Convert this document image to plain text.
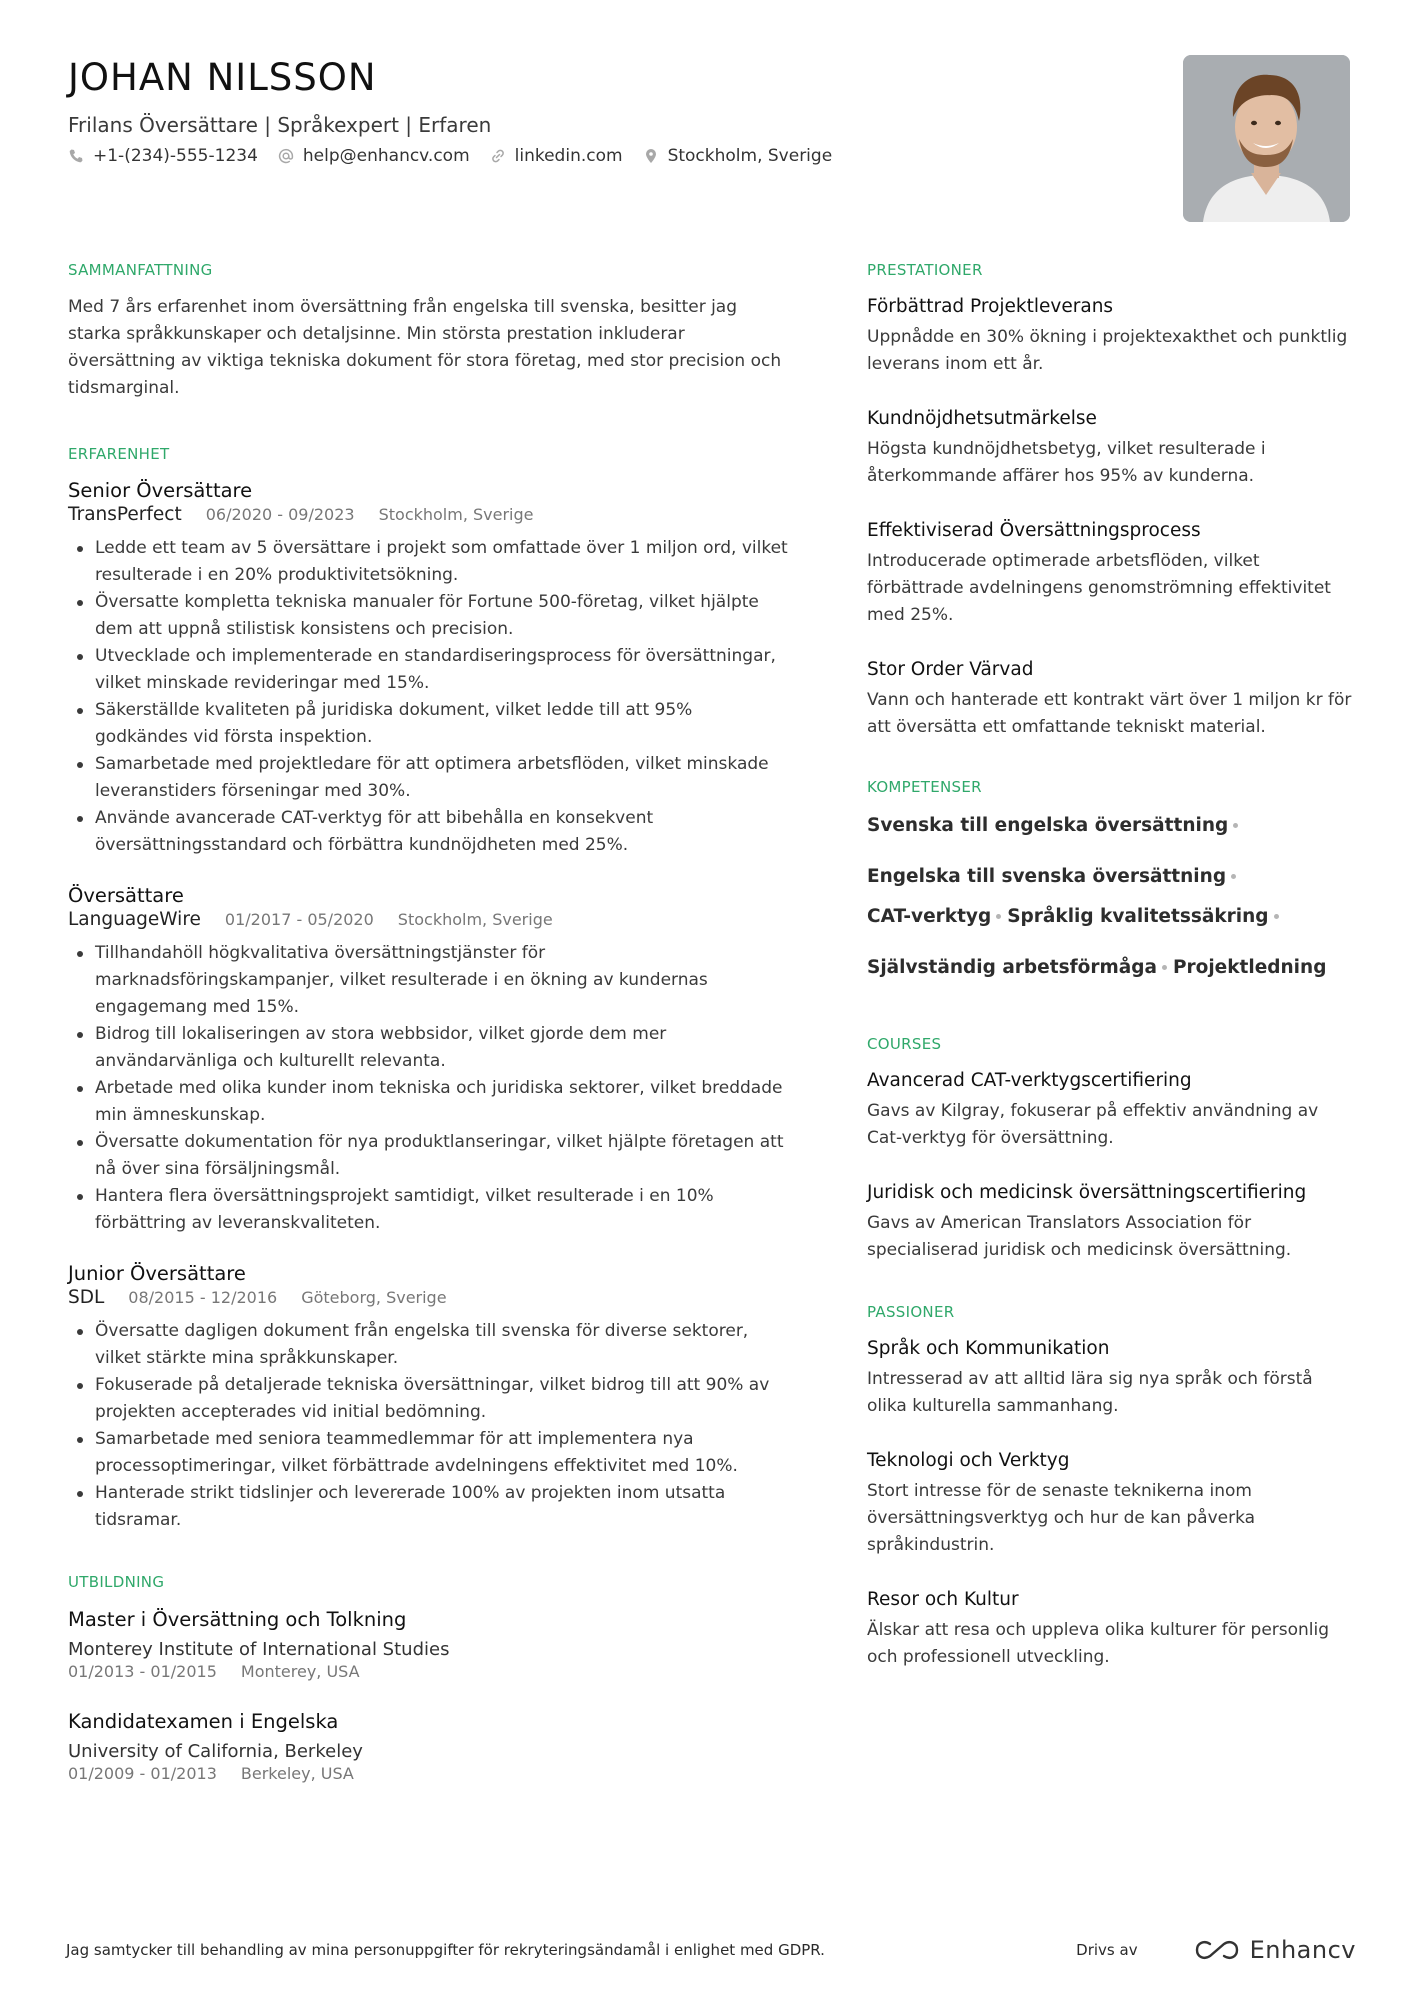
JOHAN NILSSON
Frilans Översättare | Språkexpert | Erfaren
+1-(234)-555-1234	help@enhancv.com	linkedin.com	Stockholm, Sverige
SAMMANFATTNING
Med 7 års erfarenhet inom översättning från engelska till svenska, besitter jag starka språkkunskaper och detaljsinne. Min största prestation inkluderar översättning av viktiga tekniska dokument för stora företag, med stor precision och tidsmarginal.
ERFARENHET
Senior Översättare
TransPerfect 06/2020 - 09/2023 Stockholm, Sverige
Ledde ett team av 5 översättare i projekt som omfattade över 1 miljon ord, vilket resulterade i en 20% produktivitetsökning.
Översatte kompletta tekniska manualer för Fortune 500-företag, vilket hjälpte dem att uppnå stilistisk konsistens och precision.
Utvecklade och implementerade en standardiseringsprocess för översättningar, vilket minskade revideringar med 15%.
Säkerställde kvaliteten på juridiska dokument, vilket ledde till att 95% godkändes vid första inspektion.
Samarbetade med projektledare för att optimera arbetsflöden, vilket minskade leveranstiders förseningar med 30%.
Använde avancerade CAT-verktyg för att bibehålla en konsekvent översättningsstandard och förbättra kundnöjdheten med 25%.
Översättare
LanguageWire 01/2017 - 05/2020 Stockholm, Sverige
Tillhandahöll högkvalitativa översättningstjänster för marknadsföringskampanjer, vilket resulterade i en ökning av kundernas engagemang med 15%.
Bidrog till lokaliseringen av stora webbsidor, vilket gjorde dem mer användarvänliga och kulturellt relevanta.
Arbetade med olika kunder inom tekniska och juridiska sektorer, vilket breddade min ämneskunskap.
Översatte dokumentation för nya produktlanseringar, vilket hjälpte företagen att nå över sina försäljningsmål.
Hantera flera översättningsprojekt samtidigt, vilket resulterade i en 10% förbättring av leveranskvaliteten.
Junior Översättare
SDL 08/2015 - 12/2016 Göteborg, Sverige
Översatte dagligen dokument från engelska till svenska för diverse sektorer, vilket stärkte mina språkkunskaper.
Fokuserade på detaljerade tekniska översättningar, vilket bidrog till att 90% av projekten accepterades vid initial bedömning.
Samarbetade med seniora teammedlemmar för att implementera nya processoptimeringar, vilket förbättrade avdelningens effektivitet med 10%.
Hanterade strikt tidslinjer och levererade 100% av projekten inom utsatta tidsramar.
UTBILDNING
Master i Översättning och Tolkning
Monterey Institute of International Studies
01/2013 - 01/2015 Monterey, USA
Kandidatexamen i Engelska
University of California, Berkeley
01/2009 - 01/2013 Berkeley, USA
PRESTATIONER
Förbättrad Projektleverans
Uppnådde en 30% ökning i projektexakthet och punktlig leverans inom ett år.
Kundnöjdhetsutmärkelse
Högsta kundnöjdhetsbetyg, vilket resulterade i återkommande affärer hos 95% av kunderna.
Effektiviserad Översättningsprocess
Introducerade optimerade arbetsflöden, vilket förbättrade avdelningens genomströmning effektivitet med 25%.
Stor Order Värvad
Vann och hanterade ett kontrakt värt över 1 miljon kr för att översätta ett omfattande tekniskt material.
KOMPETENSER
Svenska till engelska översättning
Engelska till svenska översättning
CAT-verktyg Språklig kvalitetssäkring
Självständig arbetsförmåga Projektledning
COURSES
Avancerad CAT-verktygscertifiering
Gavs av Kilgray, fokuserar på effektiv användning av Cat-verktyg för översättning.
Juridisk och medicinsk översättningscertifiering
Gavs av American Translators Association för specialiserad juridisk och medicinsk översättning.
PASSIONER
Språk och Kommunikation
Intresserad av att alltid lära sig nya språk och förstå olika kulturella sammanhang.
Teknologi och Verktyg
Stort intresse för de senaste teknikerna inom översättningsverktyg och hur de kan påverka språkindustrin.
Resor och Kultur
Älskar att resa och uppleva olika kulturer för personlig och professionell utveckling.
Jag samtycker till behandling av mina personuppgifter för rekryteringsändamål i enlighet med GDPR.	Drivs av	Enhancv
